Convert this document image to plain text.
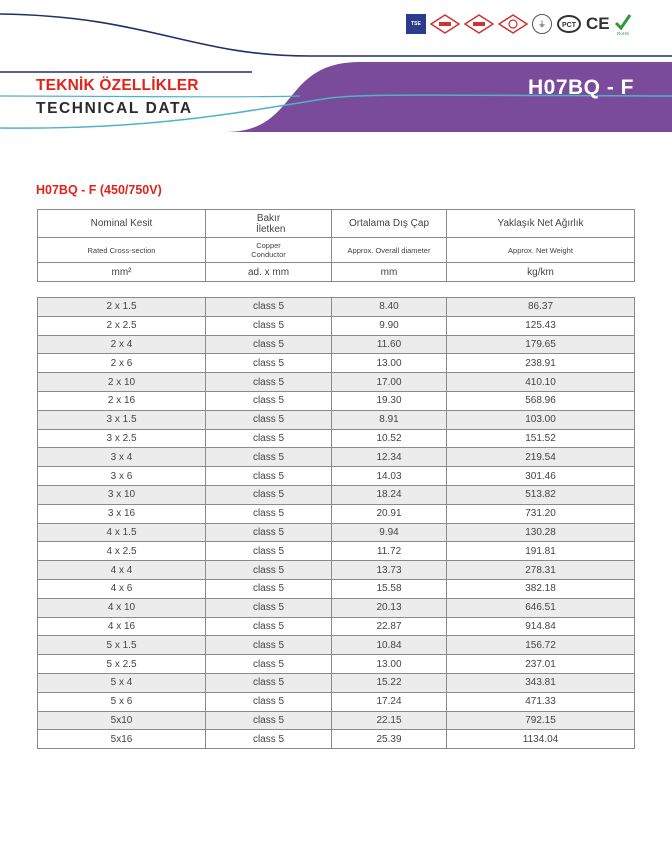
TEKNİK ÖZELLİKLER
TECHNICAL DATA
H07BQ - F
TSE	⏚	PCT CE
RoHS
H07BQ - F (450/750V)
Nominal Kesit	Bakır İletken	Ortalama Dış Çap	Yaklaşık Net Ağırlık
Rated Cross-section	Copper Conductor	Approx. Overall diameter	Approx. Net Weight
mm²	ad. x mm	mm	kg/km
2 x 1.5	class 5	8.40	86.37
2 x 2.5	class 5	9.90	125.43
2 x 4	class 5	11.60	179.65
2 x 6	class 5	13.00	238.91
2 x 10	class 5	17.00	410.10
2 x 16	class 5	19.30	568.96
3 x 1.5	class 5	8.91	103.00
3 x 2.5	class 5	10.52	151.52
3 x 4	class 5	12.34	219.54
3 x 6	class 5	14.03	301.46
3 x 10	class 5	18.24	513.82
3 x 16	class 5	20.91	731.20
4 x 1.5	class 5	9.94	130.28
4 x 2.5	class 5	11.72	191.81
4 x 4	class 5	13.73	278.31
4 x 6	class 5	15.58	382.18
4 x 10	class 5	20.13	646.51
4 x 16	class 5	22.87	914.84
5 x 1.5	class 5	10.84	156.72
5 x 2.5	class 5	13.00	237.01
5 x 4	class 5	15.22	343.81
5 x 6	class 5	17.24	471.33
5x10	class 5	22.15	792.15
5x16	class 5	25.39	1134.04
